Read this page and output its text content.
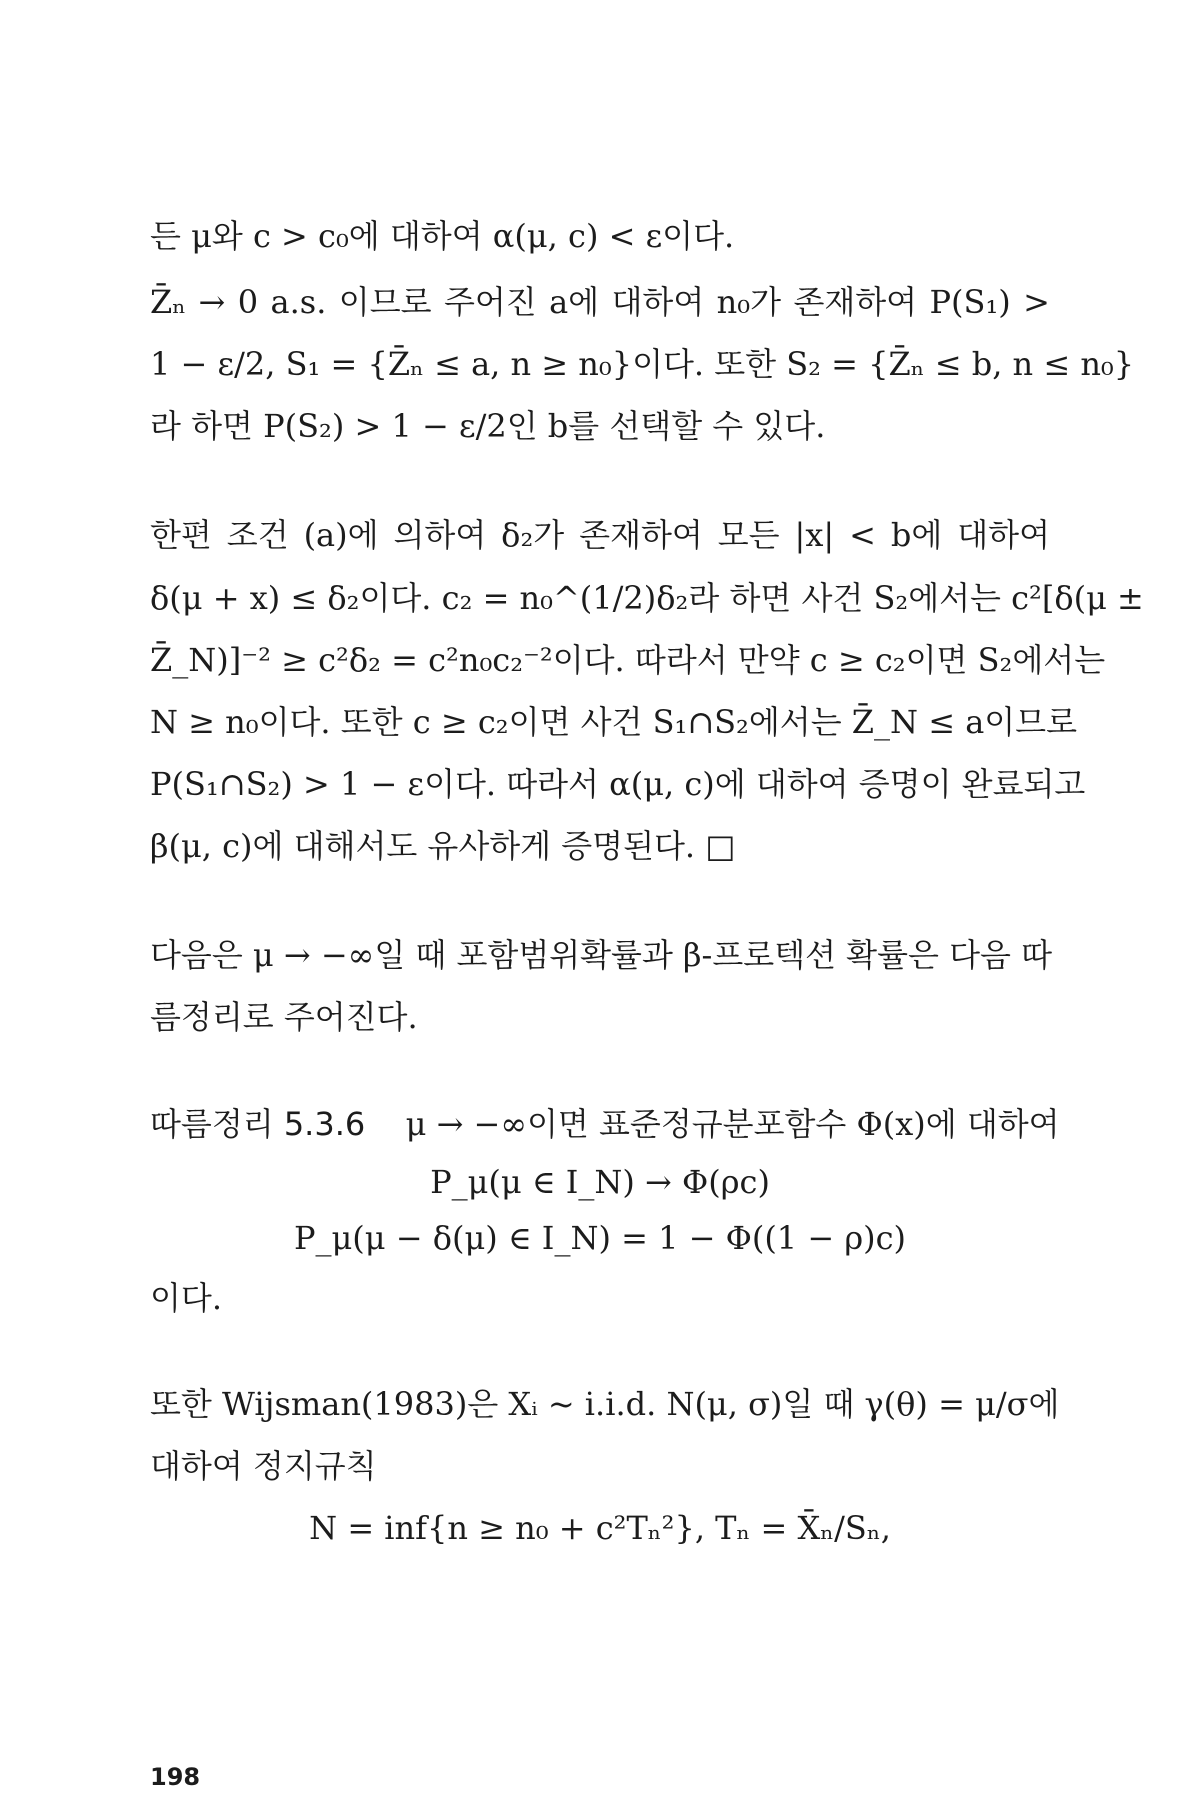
든 μ와 c > c₀에 대하여 α(μ, c) < ε이다.

Z̄ₙ → 0 a.s. 이므로 주어진 a에 대하여 n₀가 존재하여 P(S₁) >

1 − ε/2, S₁ = {Z̄ₙ ≤ a, n ≥ n₀}이다. 또한 S₂ = {Z̄ₙ ≤ b, n ≤ n₀}

라 하면 P(S₂) > 1 − ε/2인 b를 선택할 수 있다.

한편 조건 (a)에 의하여 δ₂가 존재하여 모든 |x| < b에 대하여

δ(μ + x) ≤ δ₂이다. c₂ = n₀^(1/2)δ₂라 하면 사건 S₂에서는 c²[δ(μ ±

Z̄_N)]⁻² ≥ c²δ₂ = c²n₀c₂⁻²이다. 따라서 만약 c ≥ c₂이면 S₂에서는

N ≥ n₀이다. 또한 c ≥ c₂이면 사건 S₁∩S₂에서는 Z̄_N ≤ a이므로

P(S₁∩S₂) > 1 − ε이다. 따라서 α(μ, c)에 대하여 증명이 완료되고

β(μ, c)에 대해서도 유사하게 증명된다. □

다음은 μ → −∞일 때 포함범위확률과 β-프로텍션 확률은 다음 따

름정리로 주어진다.

따름정리 5.3.6 μ → −∞이면 표준정규분포함수 Φ(x)에 대하여

P_μ(μ ∈ I_N) → Φ(ρc)

P_μ(μ − δ(μ) ∈ I_N) = 1 − Φ((1 − ρ)c)

이다.

또한 Wijsman(1983)은 Xᵢ ~ i.i.d. N(μ, σ)일 때 γ(θ) = μ/σ에

대하여 정지규칙

N = inf{n ≥ n₀ + c²Tₙ²}, Tₙ = X̄ₙ/Sₙ,

198
